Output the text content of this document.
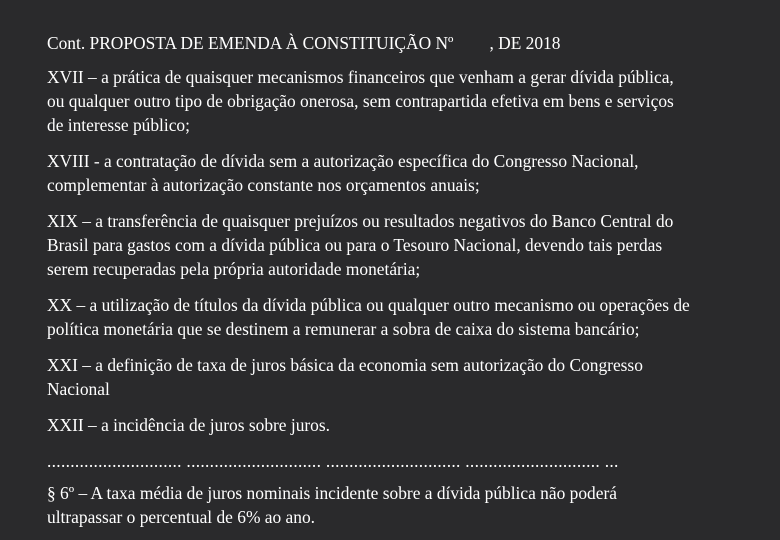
Cont. PROPOSTA DE EMENDA À CONSTITUIÇÃO Nº , DE 2018
XVII – a prática de quaisquer mecanismos financeiros que venham a gerar dívida pública,
ou qualquer outro tipo de obrigação onerosa, sem contrapartida efetiva em bens e serviços
de interesse público;
XVIII - a contratação de dívida sem a autorização específica do Congresso Nacional,
complementar à autorização constante nos orçamentos anuais;
XIX – a transferência de quaisquer prejuízos ou resultados negativos do Banco Central do
Brasil para gastos com a dívida pública ou para o Tesouro Nacional, devendo tais perdas
serem recuperadas pela própria autoridade monetária;
XX – a utilização de títulos da dívida pública ou qualquer outro mecanismo ou operações de
política monetária que se destinem a remunerar a sobra de caixa do sistema bancário;
XXI – a definição de taxa de juros básica da economia sem autorização do Congresso
Nacional
XXII – a incidência de juros sobre juros.
............................. ............................. ............................. ............................. ...
§ 6º – A taxa média de juros nominais incidente sobre a dívida pública não poderá
ultrapassar o percentual de 6% ao ano.
